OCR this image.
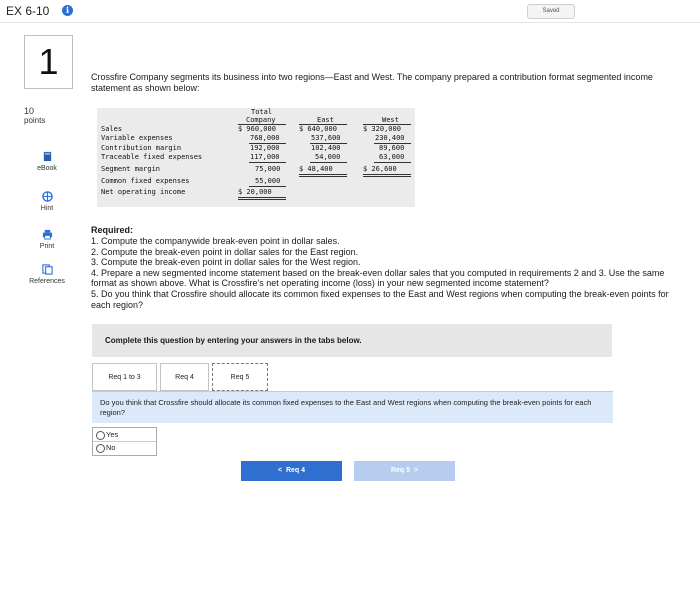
EX 6-10	i	Saved
1
10
points
eBook
Hint
Print
References
Crossfire Company segments its business into two regions—East and West. The company prepared a contribution format segmented income statement as shown below:
Total
Company	East	West
Sales	$ 960,000	$ 640,000	$ 320,000
Variable expenses	768,000	537,600	230,400
Contribution margin	192,000	102,400	89,600
Traceable fixed expenses	117,000	54,000	63,000
Segment margin	75,000	$ 48,400	$ 26,600
Common fixed expenses	55,000
Net operating income	$ 20,000
Required:
1. Compute the companywide break-even point in dollar sales.
2. Compute the break-even point in dollar sales for the East region.
3. Compute the break-even point in dollar sales for the West region.
4. Prepare a new segmented income statement based on the break-even dollar sales that you computed in requirements 2 and 3. Use the same format as shown above. What is Crossfire's net operating income (loss) in your new segmented income statement?
5. Do you think that Crossfire should allocate its common fixed expenses to the East and West regions when computing the break-even points for each region?
Complete this question by entering your answers in the tabs below.
Req 1 to 3	Req 4	Req 5
Do you think that Crossfire should allocate its common fixed expenses to the East and West regions when computing the break-even points for each region?
Yes
No
<  Req 4	Req 5  >
